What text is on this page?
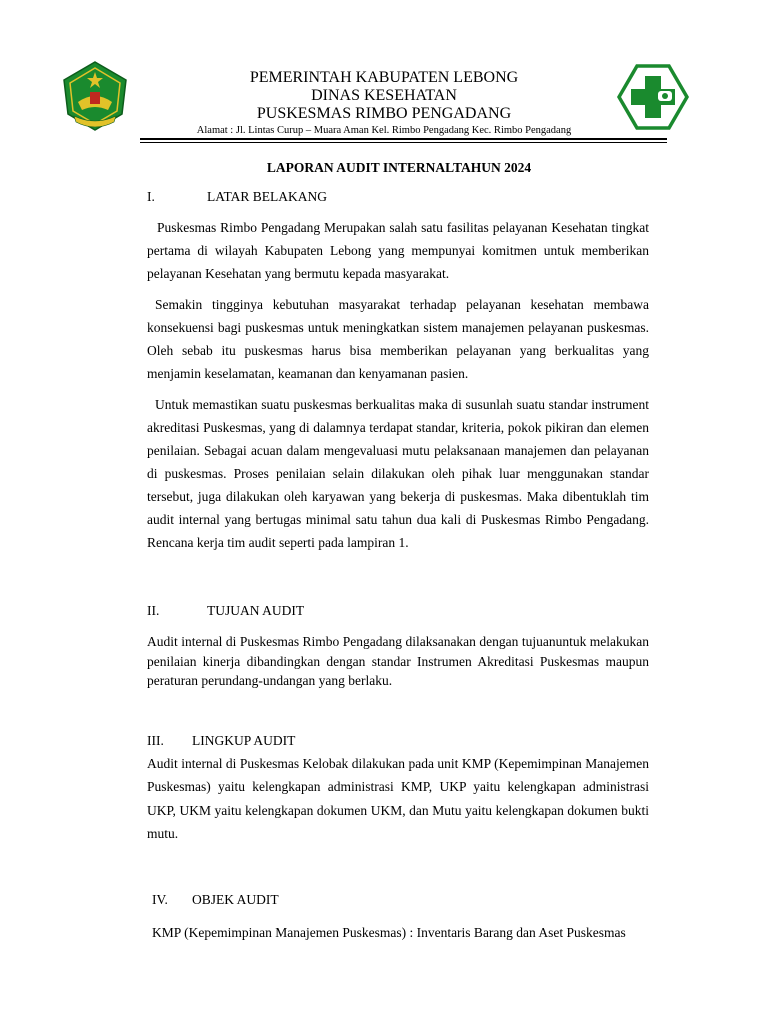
PEMERINTAH KABUPATEN LEBONG
DINAS KESEHATAN
PUSKESMAS RIMBO PENGADANG
Alamat : Jl. Lintas Curup – Muara Aman Kel. Rimbo Pengadang Kec. Rimbo Pengadang
LAPORAN AUDIT INTERNALTAHUN 2024
I.	LATAR BELAKANG

Puskesmas Rimbo Pengadang Merupakan salah satu fasilitas pelayanan Kesehatan tingkat pertama di wilayah Kabupaten Lebong yang mempunyai komitmen untuk memberikan pelayanan Kesehatan yang bermutu kepada masyarakat.

Semakin tingginya kebutuhan masyarakat terhadap pelayanan kesehatan membawa konsekuensi bagi puskesmas untuk meningkatkan sistem manajemen pelayanan puskesmas. Oleh sebab itu puskesmas harus bisa memberikan pelayanan yang berkualitas yang menjamin keselamatan, keamanan dan kenyamanan pasien.

Untuk memastikan suatu puskesmas berkualitas maka di susunlah suatu standar instrument akreditasi Puskesmas, yang di dalamnya terdapat standar, kriteria, pokok pikiran dan elemen penilaian. Sebagai acuan dalam mengevaluasi mutu pelaksanaan manajemen dan pelayanan di puskesmas. Proses penilaian selain dilakukan oleh pihak luar menggunakan standar tersebut, juga dilakukan oleh karyawan yang bekerja di puskesmas. Maka dibentuklah tim audit internal yang bertugas minimal satu tahun dua kali di Puskesmas Rimbo Pengadang. Rencana kerja tim audit seperti pada lampiran 1.

II.	TUJUAN AUDIT

Audit internal di Puskesmas Rimbo Pengadang dilaksanakan dengan tujuanuntuk melakukan penilaian kinerja dibandingkan dengan standar Instrumen Akreditasi Puskesmas maupun peraturan perundang-undangan yang berlaku.

III. LINGKUP AUDIT

Audit internal di Puskesmas Kelobak dilakukan pada unit KMP (Kepemimpinan Manajemen Puskesmas) yaitu kelengkapan administrasi KMP, UKP yaitu kelengkapan administrasi UKP, UKM yaitu kelengkapan dokumen UKM, dan Mutu yaitu kelengkapan dokumen bukti mutu.

IV. OBJEK AUDIT

KMP (Kepemimpinan Manajemen Puskesmas) : Inventaris Barang dan Aset Puskesmas
